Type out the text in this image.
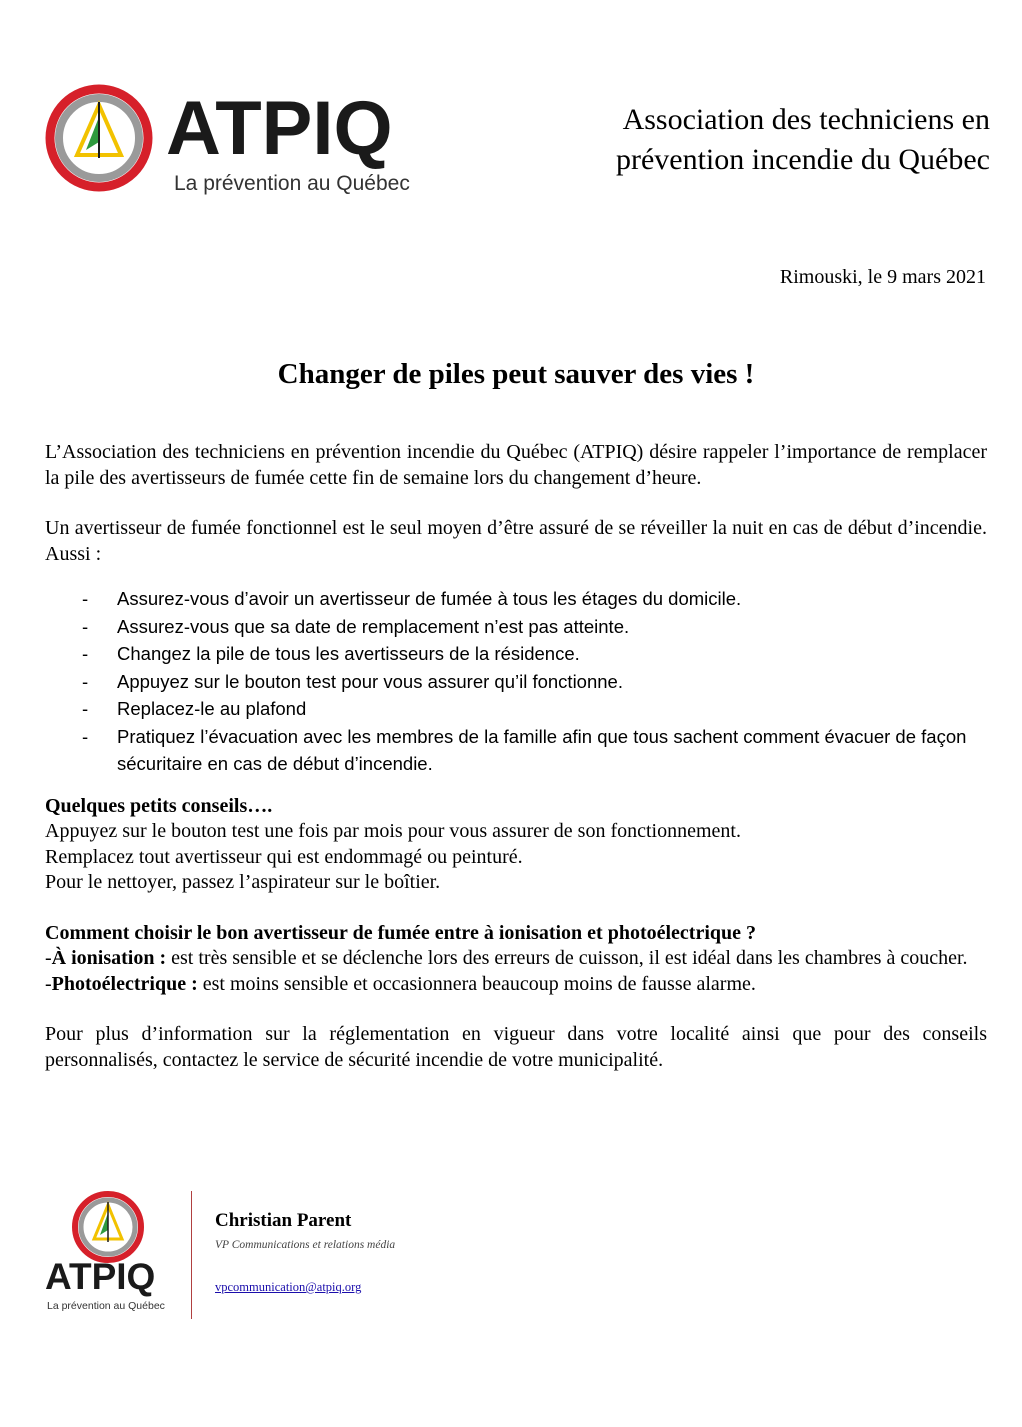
ATPIQ
La prévention au Québec
Association des techniciens en
prévention incendie du Québec
Rimouski, le 9 mars 2021
Changer de piles peut sauver des vies !

L’Association des techniciens en prévention incendie du Québec (ATPIQ) désire rappeler l’importance de remplacer la pile des avertisseurs de fumée cette fin de semaine lors du changement d’heure.

Un avertisseur de fumée fonctionnel est le seul moyen d’être assuré de se réveiller la nuit en cas de début d’incendie. Aussi :

- Assurez-vous d’avoir un avertisseur de fumée à tous les étages du domicile.
- Assurez-vous que sa date de remplacement n’est pas atteinte.
- Changez la pile de tous les avertisseurs de la résidence.
- Appuyez sur le bouton test pour vous assurer qu’il fonctionne.
- Replacez-le au plafond
- Pratiquez l’évacuation avec les membres de la famille afin que tous sachent comment évacuer de façon sécuritaire en cas de début d’incendie.

Quelques petits conseils….

Appuyez sur le bouton test une fois par mois pour vous assurer de son fonctionnement.

Remplacez tout avertisseur qui est endommagé ou peinturé.

Pour le nettoyer, passez l’aspirateur sur le boîtier.

Comment choisir le bon avertisseur de fumée entre à ionisation et photoélectrique ?

-À ionisation : est très sensible et se déclenche lors des erreurs de cuisson, il est idéal dans les chambres à coucher.

-Photoélectrique : est moins sensible et occasionnera beaucoup moins de fausse alarme.

Pour plus d’information sur la réglementation en vigueur dans votre localité ainsi que pour des conseils personnalisés, contactez le service de sécurité incendie de votre municipalité.

ATPIQ
La prévention au Québec
Christian Parent
VP Communications et relations média
vpcommunication@atpiq.org
